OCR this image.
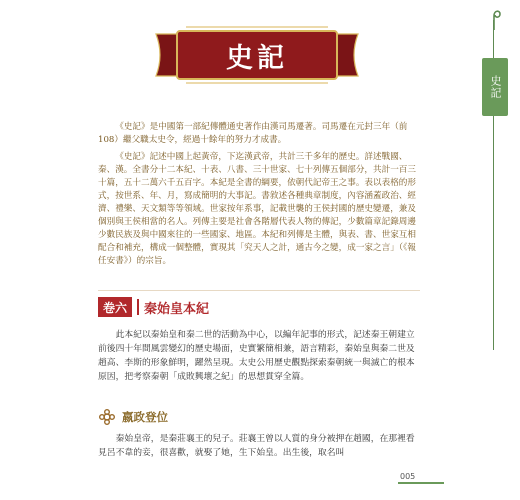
史記
史記

《史記》是中國第一部紀傳體通史著作由漢司馬遷著。司馬遷在元封三年（前 108）繼父職太史令，經過十餘年的努力才成書。

《史記》記述中國上起黃帝，下迄漢武帝，共計三千多年的歷史。詳述戰國、秦、漢。全書分十二本紀、十表、八書、三十世家、七十列傳五個部分，共計一百三十篇，五十二萬六千五百字。本紀是全書的綱要，依朝代記帝王之事。表以表格的形式，按世系、年、月，寫成簡明的大事記。書敘述各種典章制度，內容涵蓋政治、經濟、禮樂、天文類等等領域。世家按年系事，記載世襲的王侯封國的歷史變遷，兼及個別與王侯相當的名人。列傳主要是社會各階層代表人物的傳記，少數篇章記錄周邊少數民族及與中國來往的一些國家、地區。本紀和列傳是主體，與表、書、世家互相配合和補充，構成一個整體，實現其「究天人之計，通古今之變，成一家之言」（《報任安書》）的宗旨。

卷六	秦始皇本紀

此本紀以秦始皇和秦二世的活動為中心，以編年記事的形式，記述秦王朝建立前後四十年間風雲變幻的歷史場面，史實繁簡相兼，語言精彩，秦始皇與秦二世及趙高、李斯的形象鮮明，躍然呈現。太史公用歷史觀點探索秦朝統一與滅亡的根本原因，把考察秦朝「成敗興壞之紀」的思想貫穿全篇。

嬴政登位

秦始皇帝，是秦莊襄王的兒子。莊襄王曾以人質的身分被押在趙國，在那裡看見呂不韋的妾，很喜歡，就娶了她，生下始皇。出生後，取名叫

005
